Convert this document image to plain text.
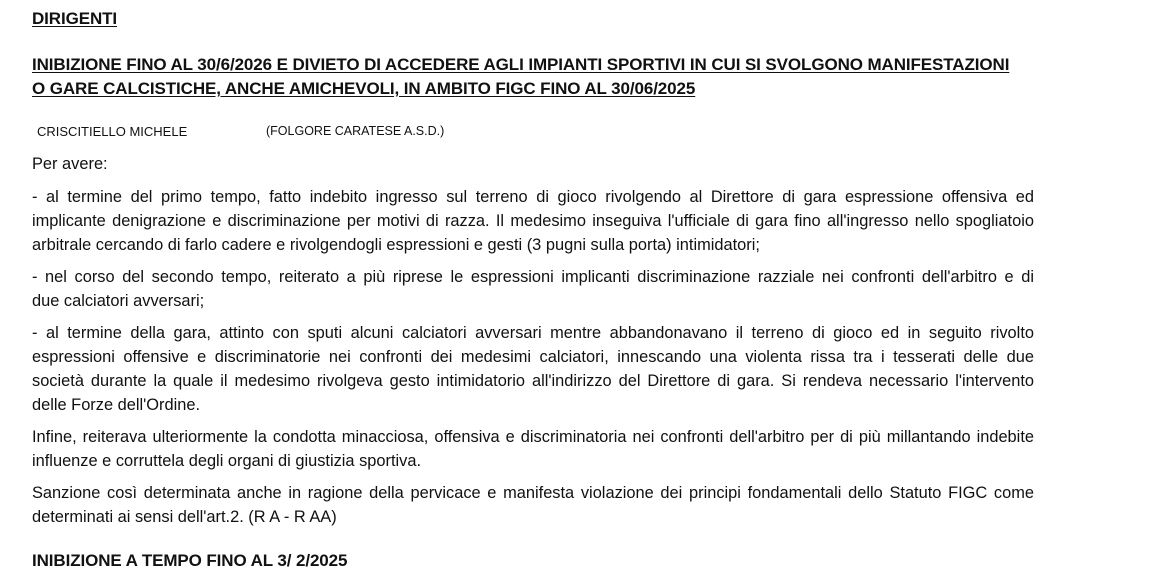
DIRIGENTI
INIBIZIONE FINO AL 30/6/2026 E DIVIETO DI ACCEDERE AGLI IMPIANTI SPORTIVI IN CUI SI SVOLGONO MANIFESTAZIONI
O GARE CALCISTICHE, ANCHE AMICHEVOLI, IN AMBITO FIGC FINO AL 30/06/2025
CRISCITIELLO MICHELE	(FOLGORE CARATESE A.S.D.)
Per avere:
- al termine del primo tempo, fatto indebito ingresso sul terreno di gioco rivolgendo al Direttore di gara espressione offensiva ed
implicante denigrazione e discriminazione per motivi di razza. Il medesimo inseguiva l'ufficiale di gara fino all'ingresso nello spogliatoio
arbitrale cercando di farlo cadere e rivolgendogli espressioni e gesti (3 pugni sulla porta) intimidatori;
- nel corso del secondo tempo, reiterato a più riprese le espressioni implicanti discriminazione razziale nei confronti dell'arbitro e di
due calciatori avversari;
- al termine della gara, attinto con sputi alcuni calciatori avversari mentre abbandonavano il terreno di gioco ed in seguito rivolto
espressioni offensive e discriminatorie nei confronti dei medesimi calciatori, innescando una violenta rissa tra i tesserati delle due
società durante la quale il medesimo rivolgeva gesto intimidatorio all'indirizzo del Direttore di gara. Si rendeva necessario l'intervento
delle Forze dell'Ordine.
Infine, reiterava ulteriormente la condotta minacciosa, offensiva e discriminatoria nei confronti dell'arbitro per di più millantando indebite
influenze e corruttela degli organi di giustizia sportiva.
Sanzione così determinata anche in ragione della pervicace e manifesta violazione dei principi fondamentali dello Statuto FIGC come
determinati ai sensi dell'art.2. (R A - R AA)
INIBIZIONE A TEMPO FINO AL 3/ 2/2025
